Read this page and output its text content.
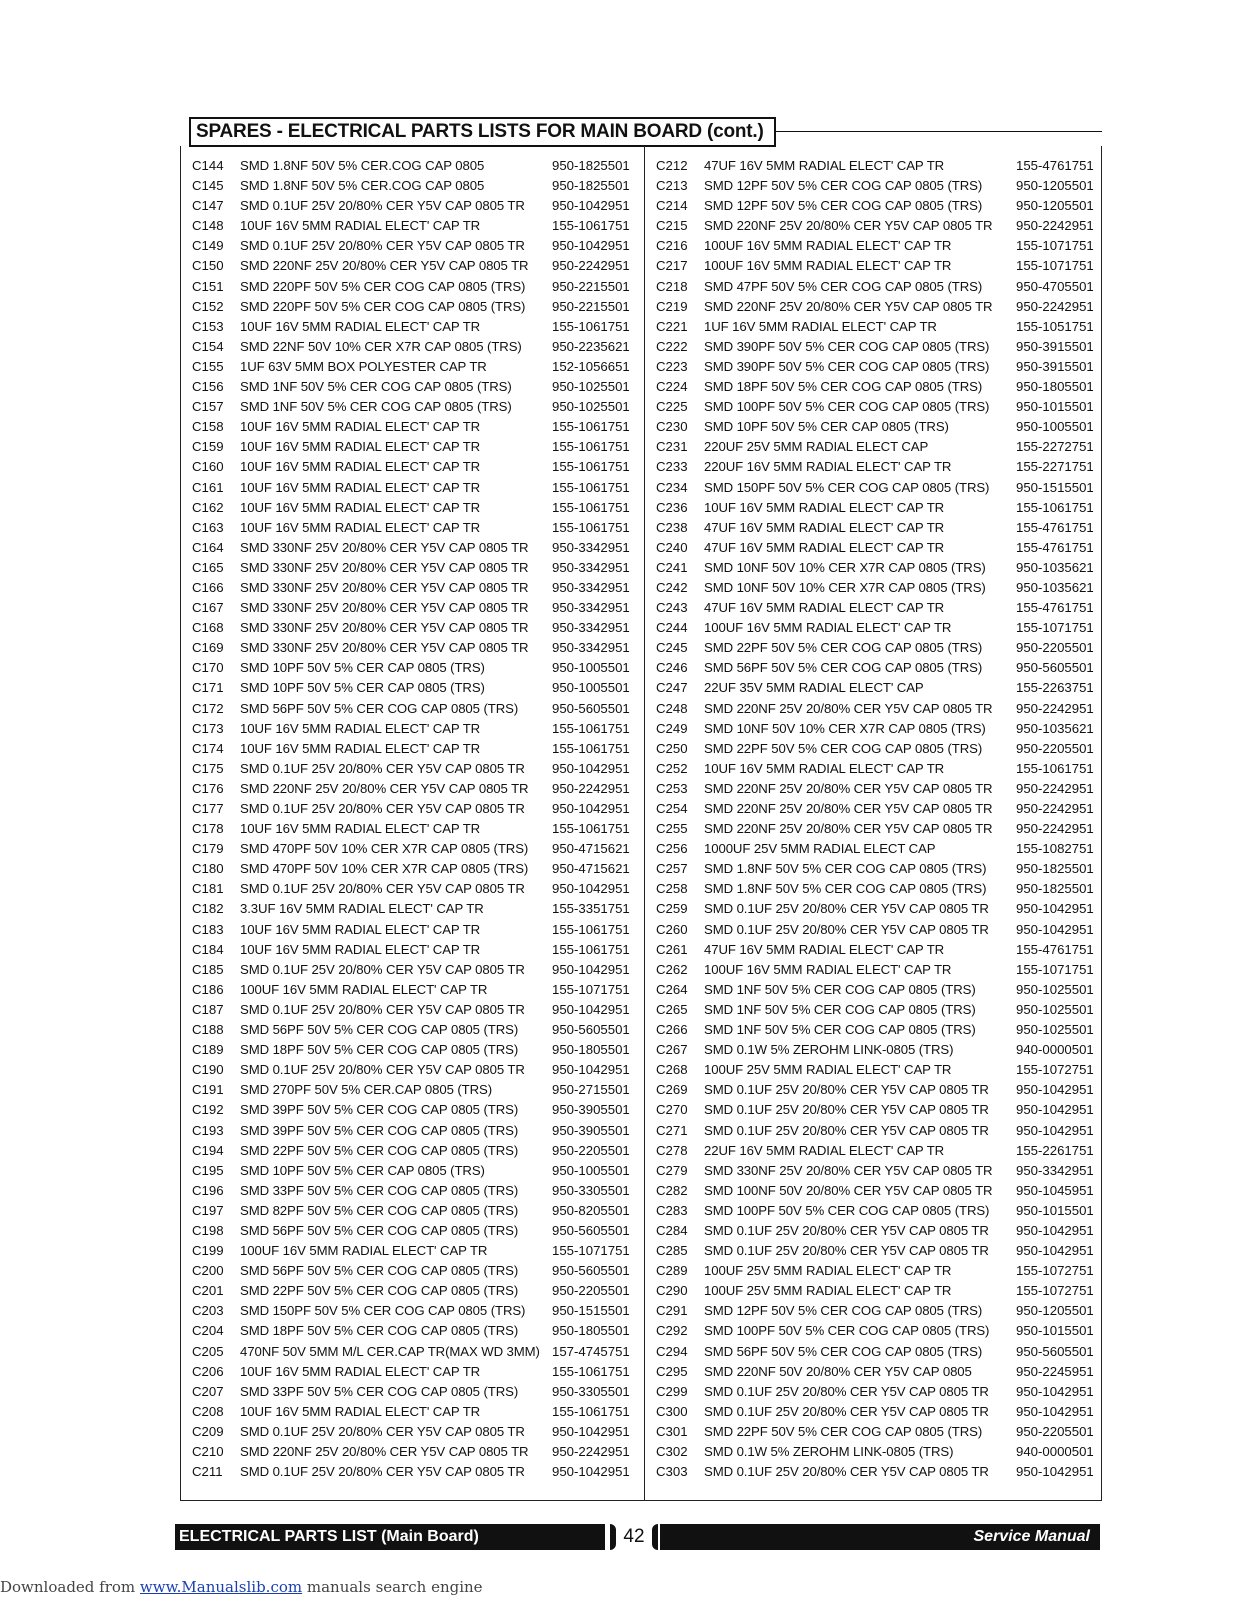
SPARES - ELECTRICAL PARTS LISTS FOR MAIN BOARD (cont.)
C144	SMD 1.8NF 50V 5% CER.COG CAP 0805	950-1825501
C145	SMD 1.8NF 50V 5% CER.COG CAP 0805	950-1825501
C147	SMD 0.1UF 25V 20/80% CER Y5V CAP 0805 TR	950-1042951
C148	10UF 16V 5MM RADIAL ELECT' CAP TR	155-1061751
C149	SMD 0.1UF 25V 20/80% CER Y5V CAP 0805 TR	950-1042951
C150	SMD 220NF 25V 20/80% CER Y5V CAP 0805 TR	950-2242951
C151	SMD 220PF 50V 5% CER COG CAP 0805 (TRS)	950-2215501
C152	SMD 220PF 50V 5% CER COG CAP 0805 (TRS)	950-2215501
C153	10UF 16V 5MM RADIAL ELECT' CAP TR	155-1061751
C154	SMD 22NF 50V 10% CER X7R CAP 0805 (TRS)	950-2235621
C155	1UF 63V 5MM BOX POLYESTER CAP TR	152-1056651
C156	SMD 1NF 50V 5% CER COG CAP 0805 (TRS)	950-1025501
C157	SMD 1NF 50V 5% CER COG CAP 0805 (TRS)	950-1025501
C158	10UF 16V 5MM RADIAL ELECT' CAP TR	155-1061751
C159	10UF 16V 5MM RADIAL ELECT' CAP TR	155-1061751
C160	10UF 16V 5MM RADIAL ELECT' CAP TR	155-1061751
C161	10UF 16V 5MM RADIAL ELECT' CAP TR	155-1061751
C162	10UF 16V 5MM RADIAL ELECT' CAP TR	155-1061751
C163	10UF 16V 5MM RADIAL ELECT' CAP TR	155-1061751
C164	SMD 330NF 25V 20/80% CER Y5V CAP 0805 TR	950-3342951
C165	SMD 330NF 25V 20/80% CER Y5V CAP 0805 TR	950-3342951
C166	SMD 330NF 25V 20/80% CER Y5V CAP 0805 TR	950-3342951
C167	SMD 330NF 25V 20/80% CER Y5V CAP 0805 TR	950-3342951
C168	SMD 330NF 25V 20/80% CER Y5V CAP 0805 TR	950-3342951
C169	SMD 330NF 25V 20/80% CER Y5V CAP 0805 TR	950-3342951
C170	SMD 10PF 50V 5% CER CAP 0805 (TRS)	950-1005501
C171	SMD 10PF 50V 5% CER CAP 0805 (TRS)	950-1005501
C172	SMD 56PF 50V 5% CER COG CAP 0805 (TRS)	950-5605501
C173	10UF 16V 5MM RADIAL ELECT' CAP TR	155-1061751
C174	10UF 16V 5MM RADIAL ELECT' CAP TR	155-1061751
C175	SMD 0.1UF 25V 20/80% CER Y5V CAP 0805 TR	950-1042951
C176	SMD 220NF 25V 20/80% CER Y5V CAP 0805 TR	950-2242951
C177	SMD 0.1UF 25V 20/80% CER Y5V CAP 0805 TR	950-1042951
C178	10UF 16V 5MM RADIAL ELECT' CAP TR	155-1061751
C179	SMD 470PF 50V 10% CER X7R CAP 0805 (TRS)	950-4715621
C180	SMD 470PF 50V 10% CER X7R CAP 0805 (TRS)	950-4715621
C181	SMD 0.1UF 25V 20/80% CER Y5V CAP 0805 TR	950-1042951
C182	3.3UF 16V 5MM RADIAL ELECT' CAP TR	155-3351751
C183	10UF 16V 5MM RADIAL ELECT' CAP TR	155-1061751
C184	10UF 16V 5MM RADIAL ELECT' CAP TR	155-1061751
C185	SMD 0.1UF 25V 20/80% CER Y5V CAP 0805 TR	950-1042951
C186	100UF 16V 5MM RADIAL ELECT' CAP TR	155-1071751
C187	SMD 0.1UF 25V 20/80% CER Y5V CAP 0805 TR	950-1042951
C188	SMD 56PF 50V 5% CER COG CAP 0805 (TRS)	950-5605501
C189	SMD 18PF 50V 5% CER COG CAP 0805 (TRS)	950-1805501
C190	SMD 0.1UF 25V 20/80% CER Y5V CAP 0805 TR	950-1042951
C191	SMD 270PF 50V 5% CER.CAP 0805 (TRS)	950-2715501
C192	SMD 39PF 50V 5% CER COG CAP 0805 (TRS)	950-3905501
C193	SMD 39PF 50V 5% CER COG CAP 0805 (TRS)	950-3905501
C194	SMD 22PF 50V 5% CER COG CAP 0805 (TRS)	950-2205501
C195	SMD 10PF 50V 5% CER CAP 0805 (TRS)	950-1005501
C196	SMD 33PF 50V 5% CER COG CAP 0805 (TRS)	950-3305501
C197	SMD 82PF 50V 5% CER COG CAP 0805 (TRS)	950-8205501
C198	SMD 56PF 50V 5% CER COG CAP 0805 (TRS)	950-5605501
C199	100UF 16V 5MM RADIAL ELECT' CAP TR	155-1071751
C200	SMD 56PF 50V 5% CER COG CAP 0805 (TRS)	950-5605501
C201	SMD 22PF 50V 5% CER COG CAP 0805 (TRS)	950-2205501
C203	SMD 150PF 50V 5% CER COG CAP 0805 (TRS)	950-1515501
C204	SMD 18PF 50V 5% CER COG CAP 0805 (TRS)	950-1805501
C205	470NF 50V 5MM M/L CER.CAP TR(MAX WD 3MM) 157-4745751
C206	10UF 16V 5MM RADIAL ELECT' CAP TR	155-1061751
C207	SMD 33PF 50V 5% CER COG CAP 0805 (TRS)	950-3305501
C208	10UF 16V 5MM RADIAL ELECT' CAP TR	155-1061751
C209	SMD 0.1UF 25V 20/80% CER Y5V CAP 0805 TR	950-1042951
C210	SMD 220NF 25V 20/80% CER Y5V CAP 0805 TR	950-2242951
C211	SMD 0.1UF 25V 20/80% CER Y5V CAP 0805 TR	950-1042951
C212	47UF 16V 5MM RADIAL ELECT' CAP TR	155-4761751
C213	SMD 12PF 50V 5% CER COG CAP 0805 (TRS)	950-1205501
C214	SMD 12PF 50V 5% CER COG CAP 0805 (TRS)	950-1205501
C215	SMD 220NF 25V 20/80% CER Y5V CAP 0805 TR	950-2242951
C216	100UF 16V 5MM RADIAL ELECT' CAP TR	155-1071751
C217	100UF 16V 5MM RADIAL ELECT' CAP TR	155-1071751
C218	SMD 47PF 50V 5% CER COG CAP 0805 (TRS)	950-4705501
C219	SMD 220NF 25V 20/80% CER Y5V CAP 0805 TR	950-2242951
C221	1UF 16V 5MM RADIAL ELECT' CAP TR	155-1051751
C222	SMD 390PF 50V 5% CER COG CAP 0805 (TRS)	950-3915501
C223	SMD 390PF 50V 5% CER COG CAP 0805 (TRS)	950-3915501
C224	SMD 18PF 50V 5% CER COG CAP 0805 (TRS)	950-1805501
C225	SMD 100PF 50V 5% CER COG CAP 0805 (TRS)	950-1015501
C230	SMD 10PF 50V 5% CER CAP 0805 (TRS)	950-1005501
C231	220UF 25V 5MM RADIAL ELECT CAP	155-2272751
C233	220UF 16V 5MM RADIAL ELECT' CAP TR	155-2271751
C234	SMD 150PF 50V 5% CER COG CAP 0805 (TRS)	950-1515501
C236	10UF 16V 5MM RADIAL ELECT' CAP TR	155-1061751
C238	47UF 16V 5MM RADIAL ELECT' CAP TR	155-4761751
C240	47UF 16V 5MM RADIAL ELECT' CAP TR	155-4761751
C241	SMD 10NF 50V 10% CER X7R CAP 0805 (TRS)	950-1035621
C242	SMD 10NF 50V 10% CER X7R CAP 0805 (TRS)	950-1035621
C243	47UF 16V 5MM RADIAL ELECT' CAP TR	155-4761751
C244	100UF 16V 5MM RADIAL ELECT' CAP TR	155-1071751
C245	SMD 22PF 50V 5% CER COG CAP 0805 (TRS)	950-2205501
C246	SMD 56PF 50V 5% CER COG CAP 0805 (TRS)	950-5605501
C247	22UF 35V 5MM RADIAL ELECT' CAP	155-2263751
C248	SMD 220NF 25V 20/80% CER Y5V CAP 0805 TR	950-2242951
C249	SMD 10NF 50V 10% CER X7R CAP 0805 (TRS)	950-1035621
C250	SMD 22PF 50V 5% CER COG CAP 0805 (TRS)	950-2205501
C252	10UF 16V 5MM RADIAL ELECT' CAP TR	155-1061751
C253	SMD 220NF 25V 20/80% CER Y5V CAP 0805 TR	950-2242951
C254	SMD 220NF 25V 20/80% CER Y5V CAP 0805 TR	950-2242951
C255	SMD 220NF 25V 20/80% CER Y5V CAP 0805 TR	950-2242951
C256	1000UF 25V 5MM RADIAL ELECT CAP	155-1082751
C257	SMD 1.8NF 50V 5% CER COG CAP 0805 (TRS)	950-1825501
C258	SMD 1.8NF 50V 5% CER COG CAP 0805 (TRS)	950-1825501
C259	SMD 0.1UF 25V 20/80% CER Y5V CAP 0805 TR	950-1042951
C260	SMD 0.1UF 25V 20/80% CER Y5V CAP 0805 TR	950-1042951
C261	47UF 16V 5MM RADIAL ELECT' CAP TR	155-4761751
C262	100UF 16V 5MM RADIAL ELECT' CAP TR	155-1071751
C264	SMD 1NF 50V 5% CER COG CAP 0805 (TRS)	950-1025501
C265	SMD 1NF 50V 5% CER COG CAP 0805 (TRS)	950-1025501
C266	SMD 1NF 50V 5% CER COG CAP 0805 (TRS)	950-1025501
C267	SMD 0.1W 5% ZEROHM LINK-0805 (TRS)	940-0000501
C268	100UF 25V 5MM RADIAL ELECT' CAP TR	155-1072751
C269	SMD 0.1UF 25V 20/80% CER Y5V CAP 0805 TR	950-1042951
C270	SMD 0.1UF 25V 20/80% CER Y5V CAP 0805 TR	950-1042951
C271	SMD 0.1UF 25V 20/80% CER Y5V CAP 0805 TR	950-1042951
C278	22UF 16V 5MM RADIAL ELECT' CAP TR	155-2261751
C279	SMD 330NF 25V 20/80% CER Y5V CAP 0805 TR	950-3342951
C282	SMD 100NF 50V 20/80% CER Y5V CAP 0805 TR	950-1045951
C283	SMD 100PF 50V 5% CER COG CAP 0805 (TRS)	950-1015501
C284	SMD 0.1UF 25V 20/80% CER Y5V CAP 0805 TR	950-1042951
C285	SMD 0.1UF 25V 20/80% CER Y5V CAP 0805 TR	950-1042951
C289	100UF 25V 5MM RADIAL ELECT' CAP TR	155-1072751
C290	100UF 25V 5MM RADIAL ELECT' CAP TR	155-1072751
C291	SMD 12PF 50V 5% CER COG CAP 0805 (TRS)	950-1205501
C292	SMD 100PF 50V 5% CER COG CAP 0805 (TRS)	950-1015501
C294	SMD 56PF 50V 5% CER COG CAP 0805 (TRS)	950-5605501
C295	SMD 220NF 50V 20/80% CER Y5V CAP 0805	950-2245951
C299	SMD 0.1UF 25V 20/80% CER Y5V CAP 0805 TR	950-1042951
C300	SMD 0.1UF 25V 20/80% CER Y5V CAP 0805 TR	950-1042951
C301	SMD 22PF 50V 5% CER COG CAP 0805 (TRS)	950-2205501
C302	SMD 0.1W 5% ZEROHM LINK-0805 (TRS)	940-0000501
C303	SMD 0.1UF 25V 20/80% CER Y5V CAP 0805 TR	950-1042951
ELECTRICAL PARTS LIST (Main Board)	42	Service Manual
Downloaded from www.Manualslib.com manuals search engine
